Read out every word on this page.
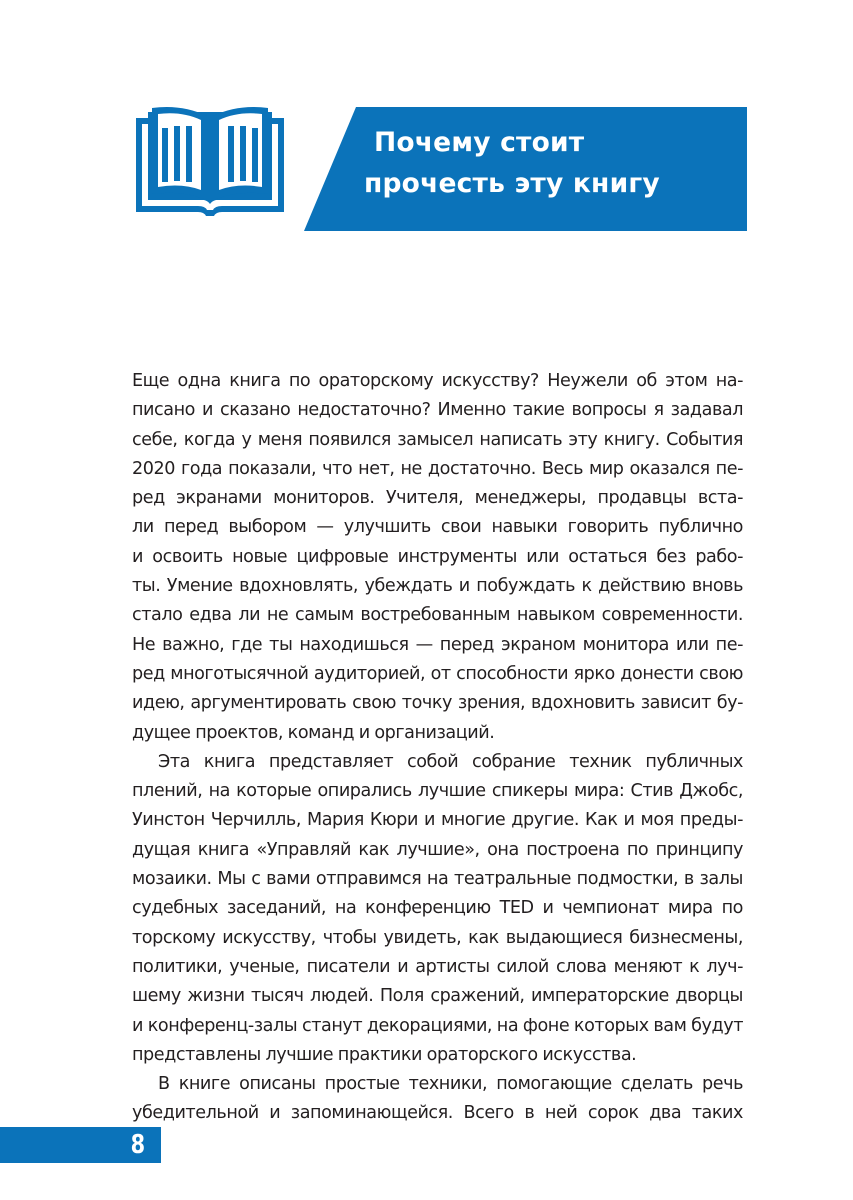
Почему стоит
прочесть эту книгу
Еще одна книга по ораторскому искусству? Неужели об этом на-
писано и сказано недостаточно? Именно такие вопросы я задавал
себе, когда у меня появился замысел написать эту книгу. События
2020 года показали, что нет, не достаточно. Весь мир оказался пе-
ред экранами мониторов. Учителя, менеджеры, продавцы вста-
ли перед выбором — улучшить свои навыки говорить публично
и освоить новые цифровые инструменты или остаться без рабо-
ты. Умение вдохновлять, убеждать и побуждать к действию вновь
стало едва ли не самым востребованным навыком современности.
Не важно, где ты находишься — перед экраном монитора или пе-
ред многотысячной аудиторией, от способности ярко донести свою
идею, аргументировать свою точку зрения, вдохновить зависит бу-
дущее проектов, команд и организаций.
Эта книга представляет собой собрание техник публичных
плений, на которые опирались лучшие спикеры мира: Стив Джобс,
Уинстон Черчилль, Мария Кюри и многие другие. Как и моя преды-
дущая книга «Управляй как лучшие», она построена по принципу
мозаики. Мы с вами отправимся на театральные подмостки, в залы
судебных заседаний, на конференцию TED и чемпионат мира по
торскому искусству, чтобы увидеть, как выдающиеся бизнесмены,
политики, ученые, писатели и артисты силой слова меняют к луч-
шему жизни тысяч людей. Поля сражений, императорские дворцы
и конференц-залы станут декорациями, на фоне которых вам будут
представлены лучшие практики ораторского искусства.
В книге описаны простые техники, помогающие сделать речь
убедительной и запоминающейся. Всего в ней сорок два таких
8
